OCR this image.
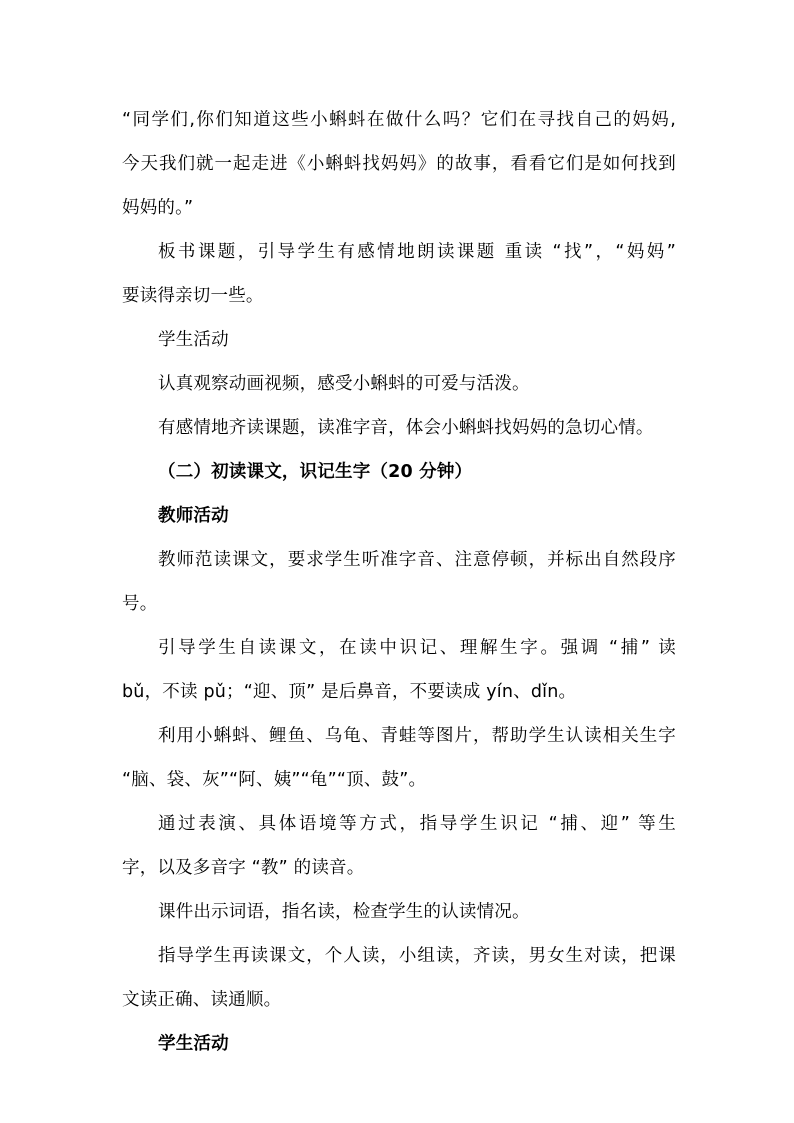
“同学们,你们知道这些小蝌蚪在做什么吗？它们在寻找自己的妈妈,
今天我们就一起走进《小蝌蚪找妈妈》的故事，看看它们是如何找到
妈妈的。”
板书课题，引导学生有感情地朗读课题 重读 “找”，“妈妈”
要读得亲切一些。
学生活动
认真观察动画视频，感受小蝌蚪的可爱与活泼。
有感情地齐读课题，读准字音，体会小蝌蚪找妈妈的急切心情。
（二）初读课文，识记生字（20 分钟）
教师活动
教师范读课文，要求学生听准字音、注意停顿，并标出自然段序
号。
引导学生自读课文，在读中识记、理解生字。强调 “捕” 读
bǔ，不读 pǔ；“迎、顶” 是后鼻音，不要读成 yín、dǐn。
利用小蝌蚪、鲤鱼、乌龟、青蛙等图片，帮助学生认读相关生字
“脑、袋、灰”“阿、姨”“龟”“顶、鼓”。
通过表演、具体语境等方式，指导学生识记 “捕、迎” 等生
字，以及多音字 “教” 的读音。
课件出示词语，指名读，检查学生的认读情况。
指导学生再读课文，个人读，小组读，齐读，男女生对读，把课
文读正确、读通顺。
学生活动
